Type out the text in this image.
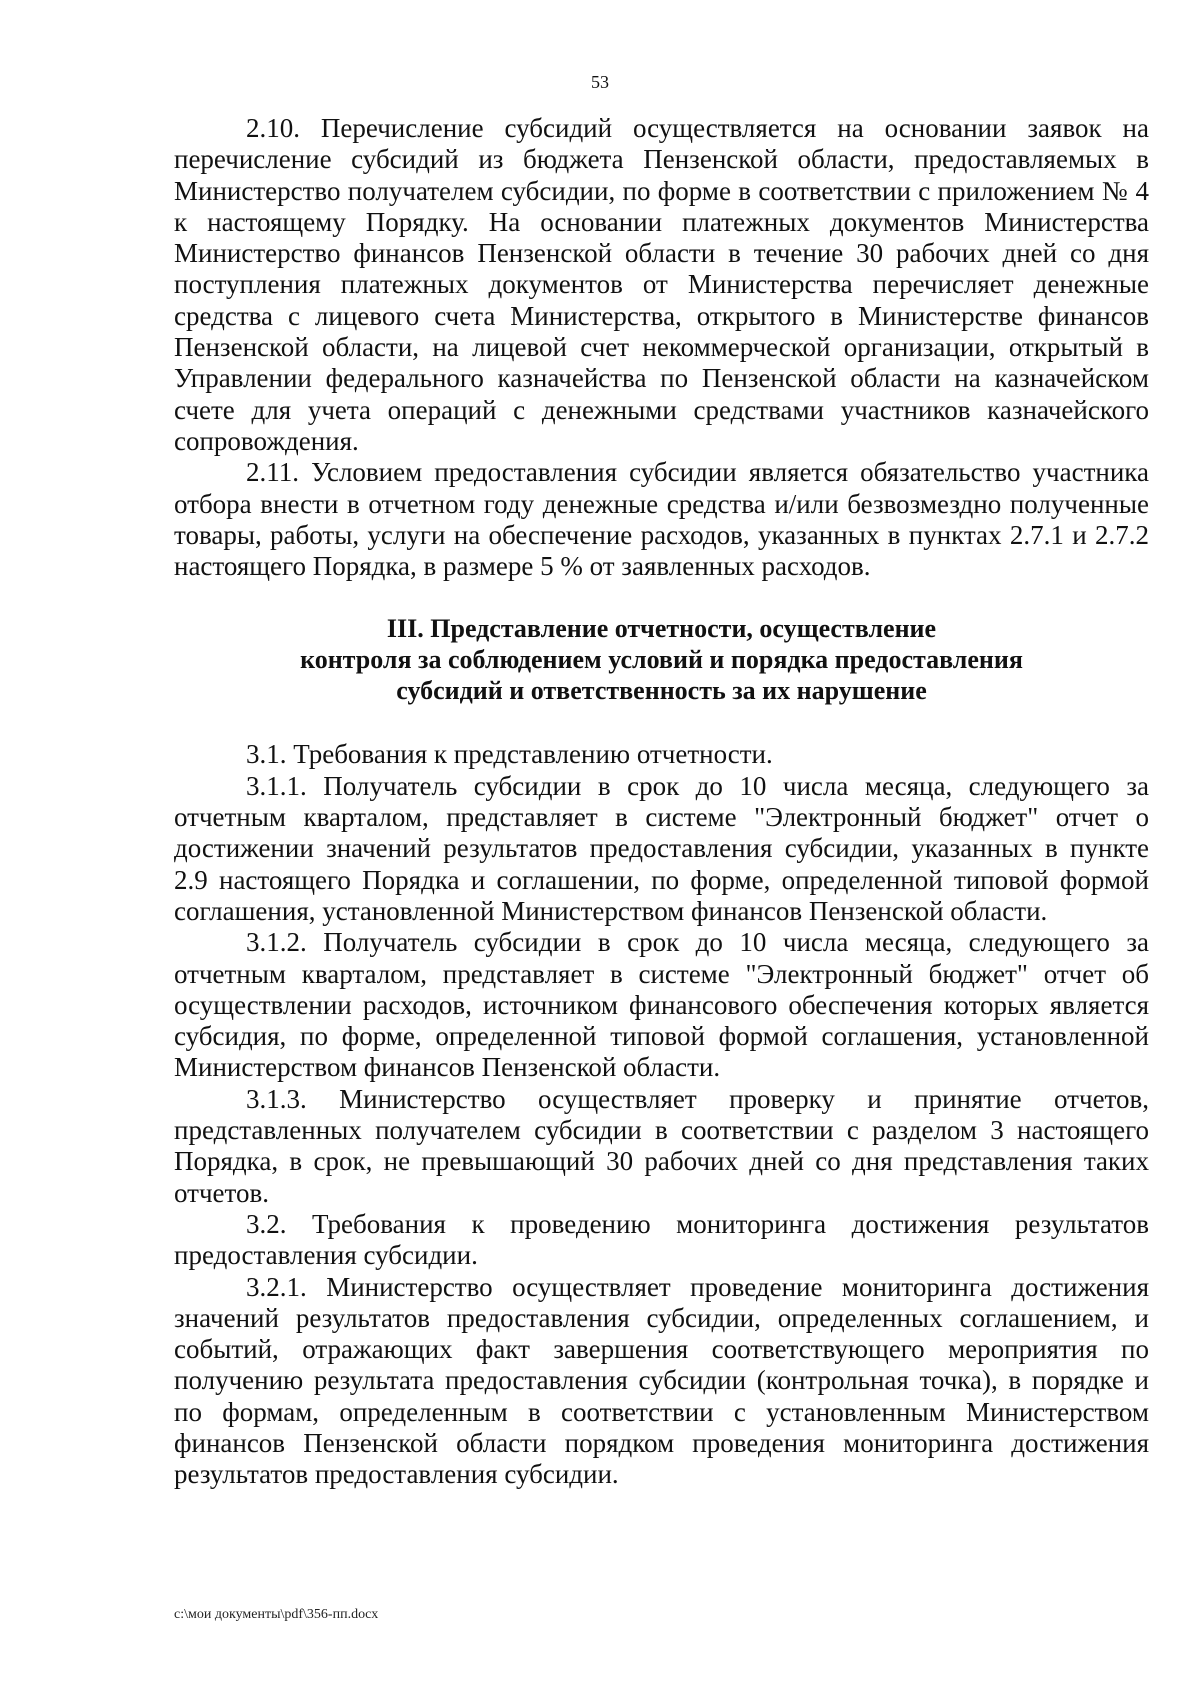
53

2.10. Перечисление субсидий осуществляется на основании заявок на перечисление субсидий из бюджета Пензенской области, предоставляемых в Министерство получателем субсидии, по форме в соответствии с приложением № 4 к настоящему Порядку. На основании платежных документов Министерства Министерство финансов Пензенской области в течение 30 рабочих дней со дня поступления платежных документов от Министерства перечисляет денежные средства с лицевого счета Министерства, открытого в Министерстве финансов Пензенской области, на лицевой счет некоммерческой организации, открытый в Управлении федерального казначейства по Пензенской области на казначейском счете для учета операций с денежными средствами участников казначейского сопровождения.

2.11. Условием предоставления субсидии является обязательство участника отбора внести в отчетном году денежные средства и/или безвозмездно полученные товары, работы, услуги на обеспечение расходов, указанных в пунктах 2.7.1 и 2.7.2 настоящего Порядка, в размере 5 % от заявленных расходов.

III. Представление отчетности, осуществление
контроля за соблюдением условий и порядка предоставления
субсидий и ответственность за их нарушение

3.1. Требования к представлению отчетности.

3.1.1. Получатель субсидии в срок до 10 числа месяца, следующего за отчетным кварталом, представляет в системе "Электронный бюджет" отчет о достижении значений результатов предоставления субсидии, указанных в пункте 2.9 настоящего Порядка и соглашении, по форме, определенной типовой формой соглашения, установленной Министерством финансов Пензенской области.

3.1.2. Получатель субсидии в срок до 10 числа месяца, следующего за отчетным кварталом, представляет в системе "Электронный бюджет" отчет об осуществлении расходов, источником финансового обеспечения которых является субсидия, по форме, определенной типовой формой соглашения, установленной Министерством финансов Пензенской области.

3.1.3. Министерство осуществляет проверку и принятие отчетов, представленных получателем субсидии в соответствии с разделом 3 настоящего Порядка, в срок, не превышающий 30 рабочих дней со дня представления таких отчетов.

3.2. Требования к проведению мониторинга достижения результатов предоставления субсидии.

3.2.1. Министерство осуществляет проведение мониторинга достижения значений результатов предоставления субсидии, определенных соглашением, и событий, отражающих факт завершения соответствующего мероприятия по получению результата предоставления субсидии (контрольная точка), в порядке и по формам, определенным в соответствии с установленным Министерством финансов Пензенской области порядком проведения мониторинга достижения результатов предоставления субсидии.

c:\мои документы\pdf\356-пп.docx
